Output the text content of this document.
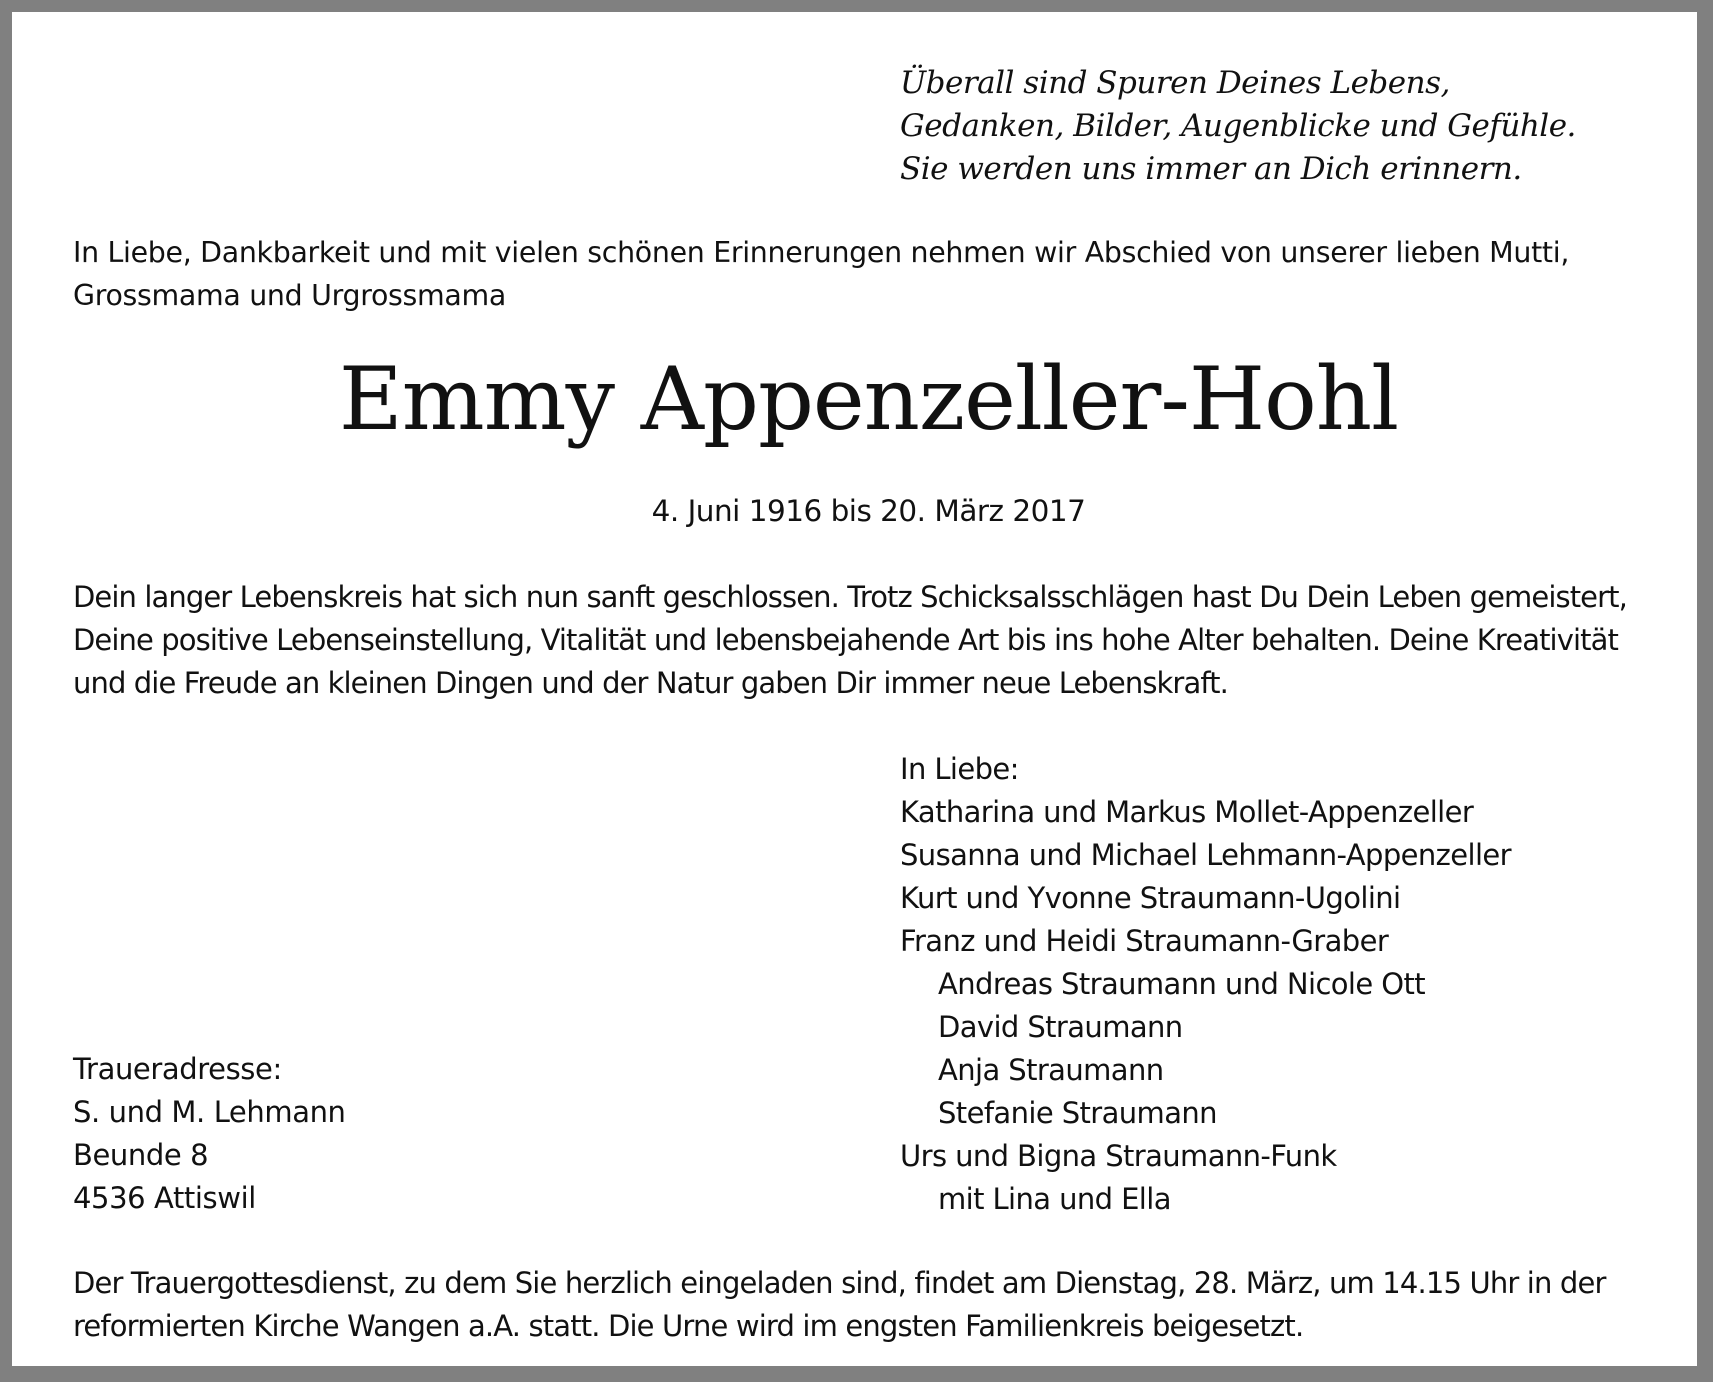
Überall sind Spuren Deines Lebens,
Gedanken, Bilder, Augenblicke und Gefühle.
Sie werden uns immer an Dich erinnern.
In Liebe, Dankbarkeit und mit vielen schönen Erinnerungen nehmen wir Abschied von unserer lieben Mutti,
Grossmama und Urgrossmama
Emmy Appenzeller-Hohl
4. Juni 1916 bis 20. März 2017
Dein langer Lebenskreis hat sich nun sanft geschlossen. Trotz Schicksalsschlägen hast Du Dein Leben gemeistert,
Deine positive Lebenseinstellung, Vitalität und lebensbejahende Art bis ins hohe Alter behalten. Deine Kreativität
und die Freude an kleinen Dingen und der Natur gaben Dir immer neue Lebenskraft.
In Liebe:
Katharina und Markus Mollet-Appenzeller
Susanna und Michael Lehmann-Appenzeller
Kurt und Yvonne Straumann-Ugolini
Franz und Heidi Straumann-Graber
Andreas Straumann und Nicole Ott
David Straumann
Anja Straumann
Stefanie Straumann
Urs und Bigna Straumann-Funk
mit Lina und Ella
Traueradresse:
S. und M. Lehmann
Beunde 8
4536 Attiswil
Der Trauergottesdienst, zu dem Sie herzlich eingeladen sind, findet am Dienstag, 28. März, um 14.15 Uhr in der
reformierten Kirche Wangen a.A. statt. Die Urne wird im engsten Familienkreis beigesetzt.
